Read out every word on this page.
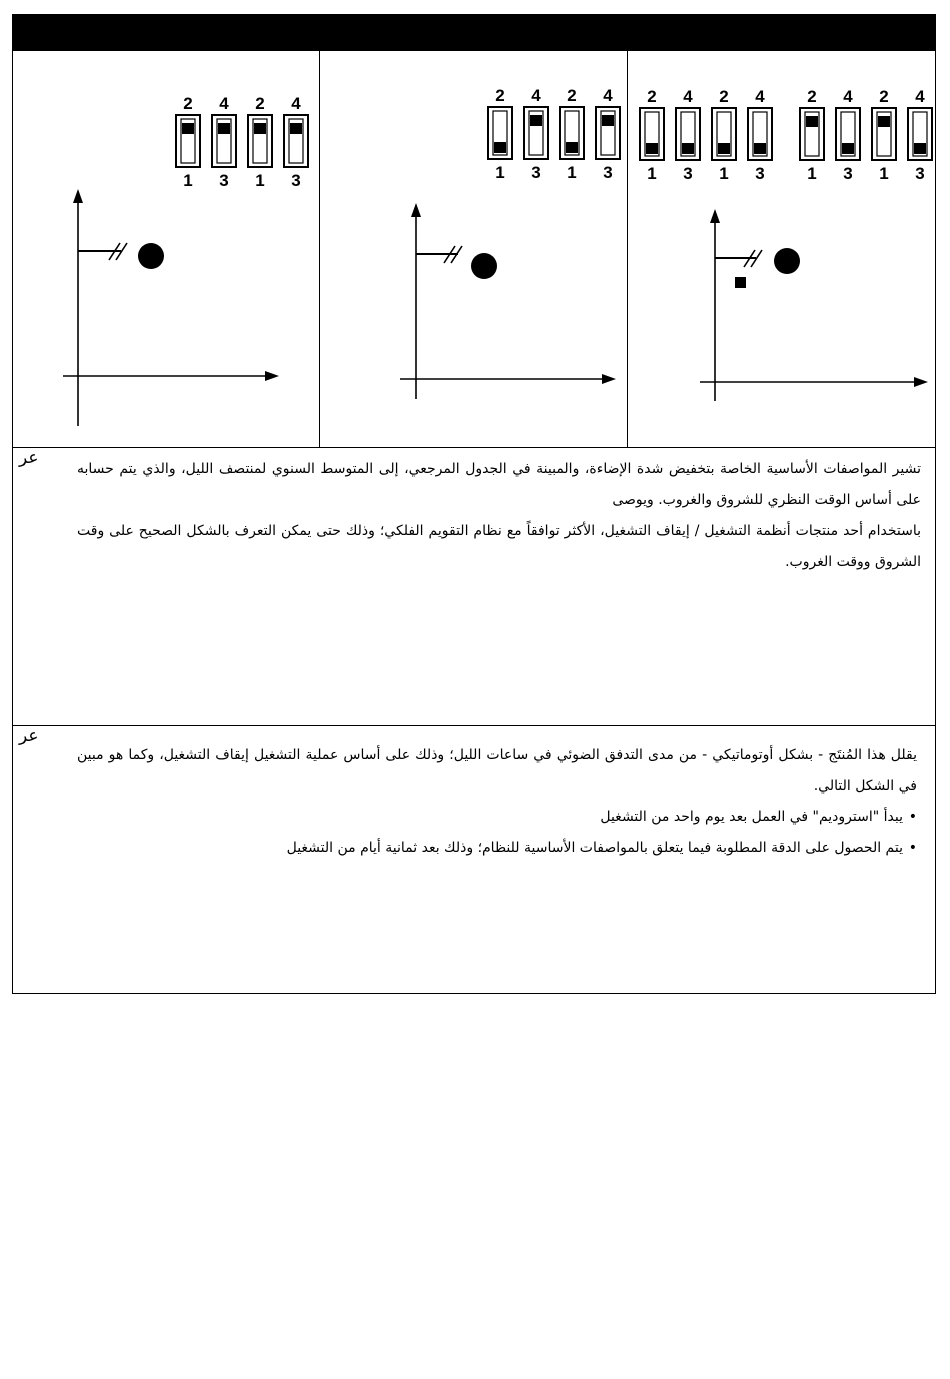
2
1
4
3
2
1
4
3
2
1
4
3
2
1
4
3
2
1
4
3
2
1
4
3
2
1
4
3
2
1
4
3
عر

تشير المواصفات الأساسية الخاصة بتخفيض شدة الإضاءة، والمبينة في الجدول المرجعي، إلى المتوسط السنوي لمنتصف الليل، والذي يتم حسابه على أساس الوقت النظري للشروق والغروب. ويوصى

باستخدام أحد منتجات أنظمة التشغيل / إيقاف التشغيل، الأكثر توافقاً مع نظام التقويم الفلكي؛ وذلك حتى يمكن التعرف بالشكل الصحيح على وقت الشروق ووقت الغروب.

عر

يقلل هذا المُنتَج - بشكل أوتوماتيكي - من مدى التدفق الضوئي في ساعات الليل؛ وذلك على أساس عملية التشغيل إيقاف التشغيل، وكما هو مبين في الشكل التالي.

• يبدأ "استروديم" في العمل بعد يوم واحد من التشغيل
• يتم الحصول على الدقة المطلوبة فيما يتعلق بالمواصفات الأساسية للنظام؛ وذلك بعد ثمانية أيام من التشغيل
